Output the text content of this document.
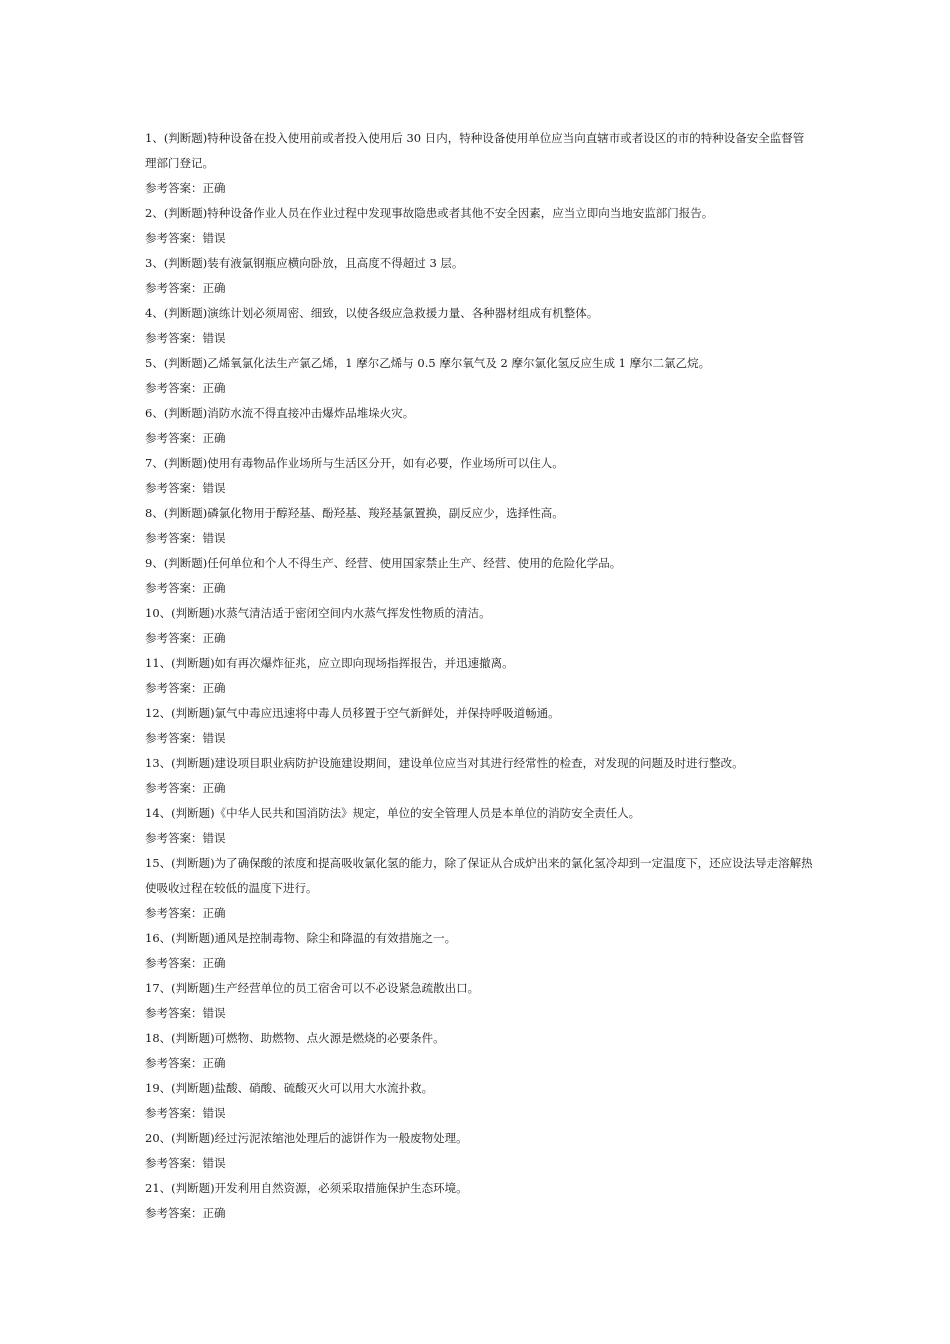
1、(判断题)特种设备在投入使用前或者投入使用后 30 日内，特种设备使用单位应当向直辖市或者设区的市的特种设备安全监督管理部门登记。
参考答案：正确
2、(判断题)特种设备作业人员在作业过程中发现事故隐患或者其他不安全因素，应当立即向当地安监部门报告。
参考答案：错误
3、(判断题)装有液氯钢瓶应横向卧放，且高度不得超过 3 层。
参考答案：正确
4、(判断题)演练计划必须周密、细致，以使各级应急救援力量、各种器材组成有机整体。
参考答案：错误
5、(判断题)乙烯氧氯化法生产氯乙烯，1 摩尔乙烯与 0.5 摩尔氧气及 2 摩尔氯化氢反应生成 1 摩尔二氯乙烷。
参考答案：正确
6、(判断题)消防水流不得直接冲击爆炸品堆垛火灾。
参考答案：正确
7、(判断题)使用有毒物品作业场所与生活区分开，如有必要，作业场所可以住人。
参考答案：错误
8、(判断题)磷氯化物用于醇羟基、酚羟基、羧羟基氯置换，副反应少，选择性高。
参考答案：错误
9、(判断题)任何单位和个人不得生产、经营、使用国家禁止生产、经营、使用的危险化学品。
参考答案：正确
10、(判断题)水蒸气清洁适于密闭空间内水蒸气挥发性物质的清洁。
参考答案：正确
11、(判断题)如有再次爆炸征兆，应立即向现场指挥报告，并迅速撤离。
参考答案：正确
12、(判断题)氯气中毒应迅速将中毒人员移置于空气新鲜处，并保持呼吸道畅通。
参考答案：错误
13、(判断题)建设项目职业病防护设施建设期间，建设单位应当对其进行经常性的检查，对发现的问题及时进行整改。
参考答案：正确
14、(判断题)《中华人民共和国消防法》规定，单位的安全管理人员是本单位的消防安全责任人。
参考答案：错误
15、(判断题)为了确保酸的浓度和提高吸收氯化氢的能力，除了保证从合成炉出来的氯化氢冷却到一定温度下，还应设法导走溶解热使吸收过程在较低的温度下进行。
参考答案：正确
16、(判断题)通风是控制毒物、除尘和降温的有效措施之一。
参考答案：正确
17、(判断题)生产经营单位的员工宿舍可以不必设紧急疏散出口。
参考答案：错误
18、(判断题)可燃物、助燃物、点火源是燃烧的必要条件。
参考答案：正确
19、(判断题)盐酸、硝酸、硫酸灭火可以用大水流扑救。
参考答案：错误
20、(判断题)经过污泥浓缩池处理后的滤饼作为一般废物处理。
参考答案：错误
21、(判断题)开发利用自然资源，必须采取措施保护生态环境。
参考答案：正确
